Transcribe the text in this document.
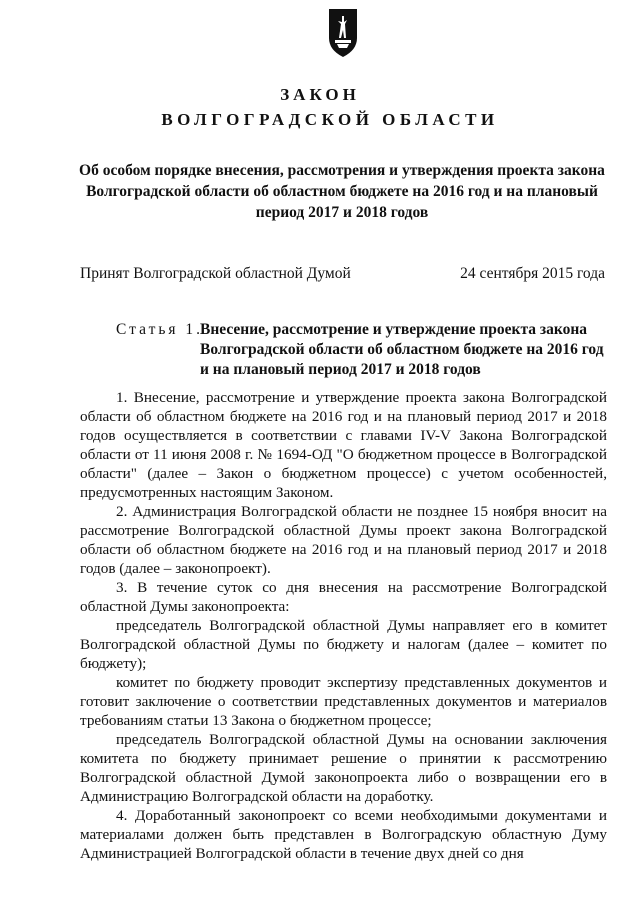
ЗАКОН
ВОЛГОГРАДСКОЙ ОБЛАСТИ
Об особом порядке внесения, рассмотрения и утверждения проекта закона Волгоградской области об областном бюджете на 2016 год и на плановый период 2017 и 2018 годов
Принят Волгоградской областной Думой	24 сентября 2015 года
Статья 1.
Внесение, рассмотрение и утверждение проекта закона Волгоградской области об областном бюджете на 2016 год и на плановый период 2017 и 2018 годов

1. Внесение, рассмотрение и утверждение проекта закона Волгоградской области об областном бюджете на 2016 год и на плановый период 2017 и 2018 годов осуществляется в соответствии с главами IV-V Закона Волгоградской области от 11 июня 2008 г. № 1694-ОД "О бюджетном процессе в Волгоградской области" (далее – Закон о бюджетном процессе) с учетом особенностей, предусмотренных настоящим Законом.

2. Администрация Волгоградской области не позднее 15 ноября вносит на рассмотрение Волгоградской областной Думы проект закона Волгоградской области об областном бюджете на 2016 год и на плановый период 2017 и 2018 годов (далее – законопроект).

3. В течение суток со дня внесения на рассмотрение Волгоградской областной Думы законопроекта:

председатель Волгоградской областной Думы направляет его в комитет Волгоградской областной Думы по бюджету и налогам (далее – комитет по бюджету);

комитет по бюджету проводит экспертизу представленных документов и готовит заключение о соответствии представленных документов и материалов требованиям статьи 13 Закона о бюджетном процессе;

председатель Волгоградской областной Думы на основании заключения комитета по бюджету принимает решение о принятии к рассмотрению Волгоградской областной Думой законопроекта либо о возвращении его в Администрацию Волгоградской области на доработку.

4. Доработанный законопроект со всеми необходимыми документами и материалами должен быть представлен в Волгоградскую областную Думу Администрацией Волгоградской области в течение двух дней со дня
